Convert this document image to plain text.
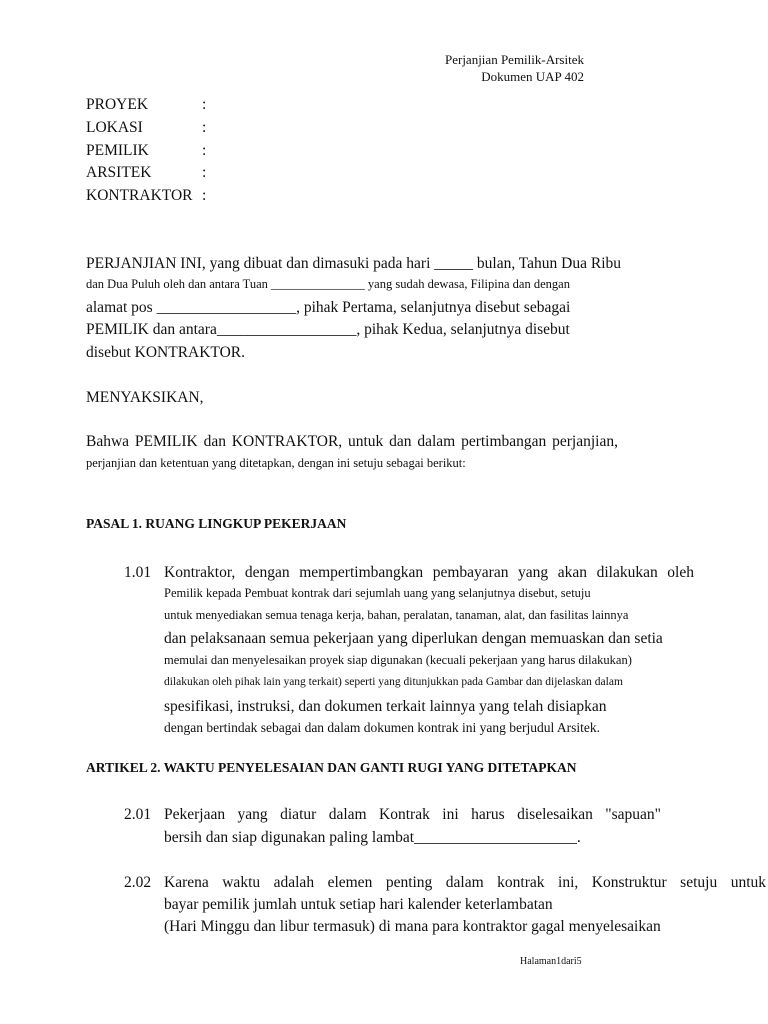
Perjanjian Pemilik-Arsitek
Dokumen UAP 402
PROYEK	:
LOKASI	:
PEMILIK	:
ARSITEK	:
KONTRAKTOR :
PERJANJIAN INI, yang dibuat dan dimasuki pada hari _____ bulan, Tahun Dua Ribu
dan Dua Puluh oleh dan antara Tuan _______________ yang sudah dewasa, Filipina dan dengan
alamat pos __________________, pihak Pertama, selanjutnya disebut sebagai
PEMILIK dan antara__________________, pihak Kedua, selanjutnya disebut
disebut KONTRAKTOR.
MENYAKSIKAN,
Bahwa PEMILIK dan KONTRAKTOR, untuk dan dalam pertimbangan perjanjian,
perjanjian dan ketentuan yang ditetapkan, dengan ini setuju sebagai berikut:
PASAL 1. RUANG LINGKUP PEKERJAAN
1.01 Kontraktor, dengan mempertimbangkan pembayaran yang akan dilakukan oleh
Pemilik kepada Pembuat kontrak dari sejumlah uang yang selanjutnya disebut, setuju
untuk menyediakan semua tenaga kerja, bahan, peralatan, tanaman, alat, dan fasilitas lainnya
dan pelaksanaan semua pekerjaan yang diperlukan dengan memuaskan dan setia
memulai dan menyelesaikan proyek siap digunakan (kecuali pekerjaan yang harus dilakukan)
dilakukan oleh pihak lain yang terkait) seperti yang ditunjukkan pada Gambar dan dijelaskan dalam
spesifikasi, instruksi, dan dokumen terkait lainnya yang telah disiapkan
dengan bertindak sebagai dan dalam dokumen kontrak ini yang berjudul Arsitek.
ARTIKEL 2. WAKTU PENYELESAIAN DAN GANTI RUGI YANG DITETAPKAN
2.01 Pekerjaan yang diatur dalam Kontrak ini harus diselesaikan "sapuan"
bersih dan siap digunakan paling lambat_____________________.
2.02 Karena waktu adalah elemen penting dalam kontrak ini, Konstruktur setuju untuk
bayar pemilik jumlah untuk setiap hari kalender keterlambatan
(Hari Minggu dan libur termasuk) di mana para kontraktor gagal menyelesaikan
Halaman1dari5
